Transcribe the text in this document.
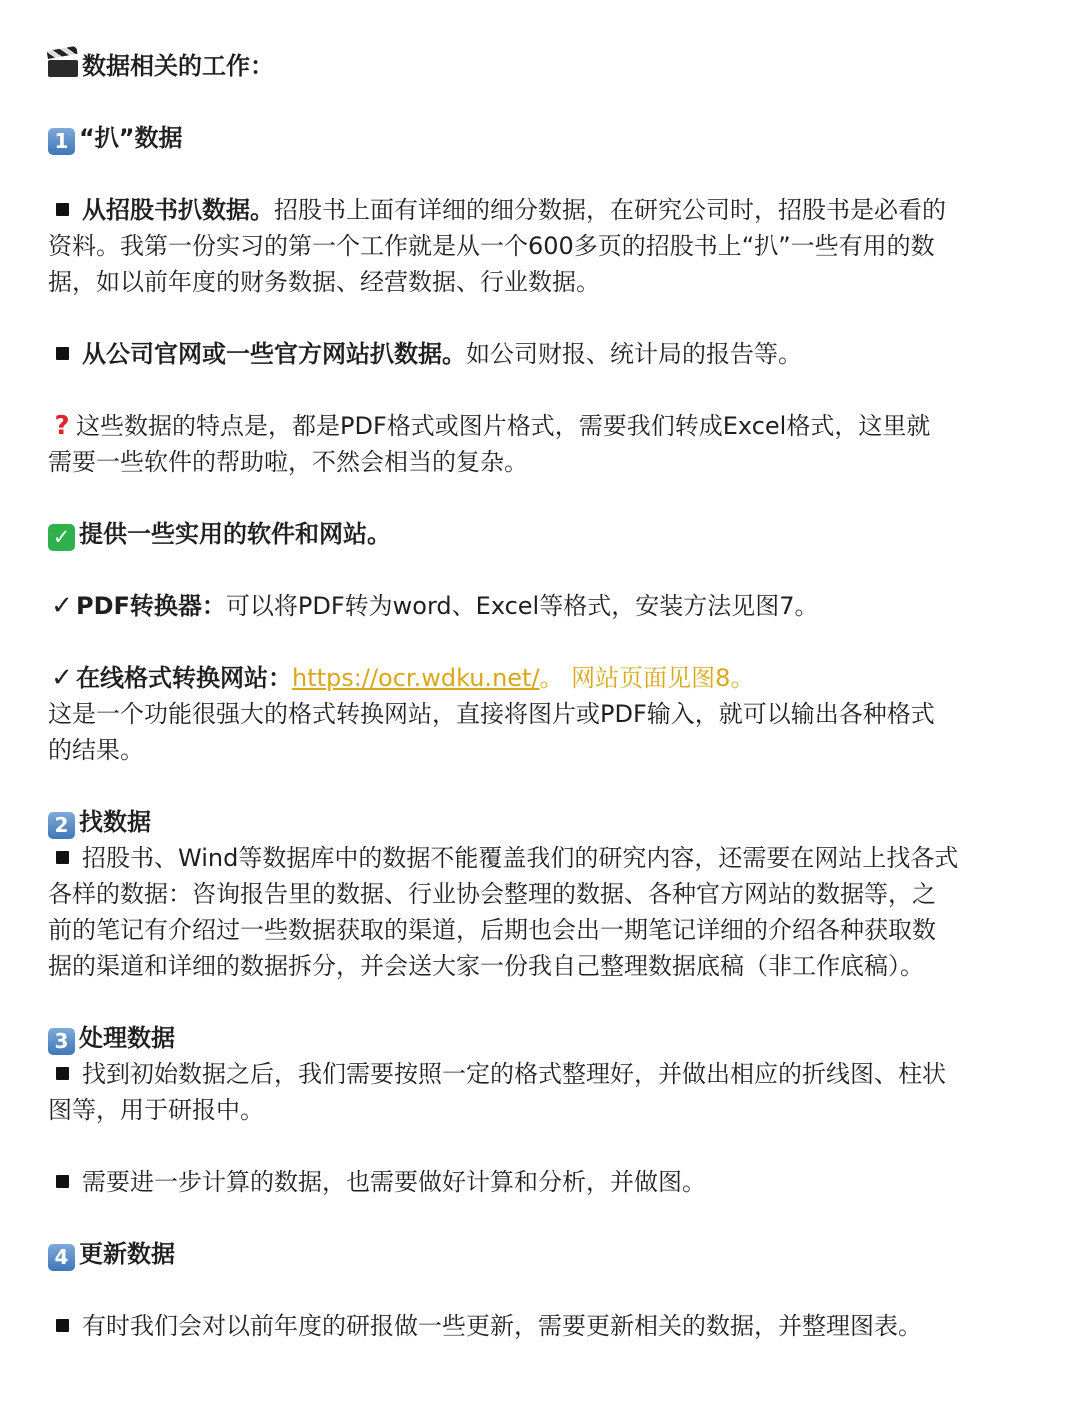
数据相关的工作：
1 “扒”数据
从招股书扒数据。招股书上面有详细的细分数据，在研究公司时，招股书是必看的
资料。我第一份实习的第一个工作就是从一个600多页的招股书上“扒”一些有用的数
据，如以前年度的财务数据、经营数据、行业数据。
从公司官网或一些官方网站扒数据。如公司财报、统计局的报告等。
? 这些数据的特点是，都是PDF格式或图片格式，需要我们转成Excel格式，这里就
需要一些软件的帮助啦，不然会相当的复杂。
✓ 提供一些实用的软件和网站。
✓ PDF转换器：可以将PDF转为word、Excel等格式，安装方法见图7。
✓ 在线格式转换网站：https://ocr.wdku.net/。 网站页面见图8。
这是一个功能很强大的格式转换网站，直接将图片或PDF输入，就可以输出各种格式
的结果。
2 找数据
招股书、Wind等数据库中的数据不能覆盖我们的研究内容，还需要在网站上找各式
各样的数据：咨询报告里的数据、行业协会整理的数据、各种官方网站的数据等，之
前的笔记有介绍过一些数据获取的渠道，后期也会出一期笔记详细的介绍各种获取数
据的渠道和详细的数据拆分，并会送大家一份我自己整理数据底稿（非工作底稿）。
3 处理数据
找到初始数据之后，我们需要按照一定的格式整理好，并做出相应的折线图、柱状
图等，用于研报中。
需要进一步计算的数据，也需要做好计算和分析，并做图。
4 更新数据
有时我们会对以前年度的研报做一些更新，需要更新相关的数据，并整理图表。
